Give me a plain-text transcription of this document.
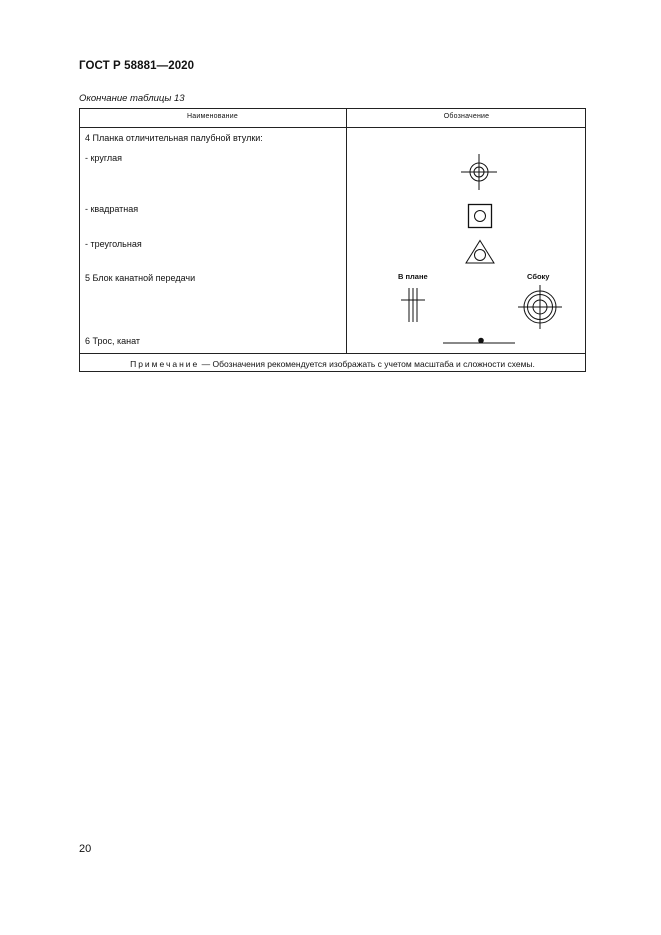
ГОСТ Р 58881—2020
Окончание таблицы 13
Наименование	Обозначение
4 Планка отличительная палубной втулки:
- круглая
- квадратная
- треугольная
5 Блок канатной передачи
6 Трос, канат
В плане	Сбоку
Примечание — Обозначения рекомендуется изображать с учетом масштаба и сложности схемы.
20
